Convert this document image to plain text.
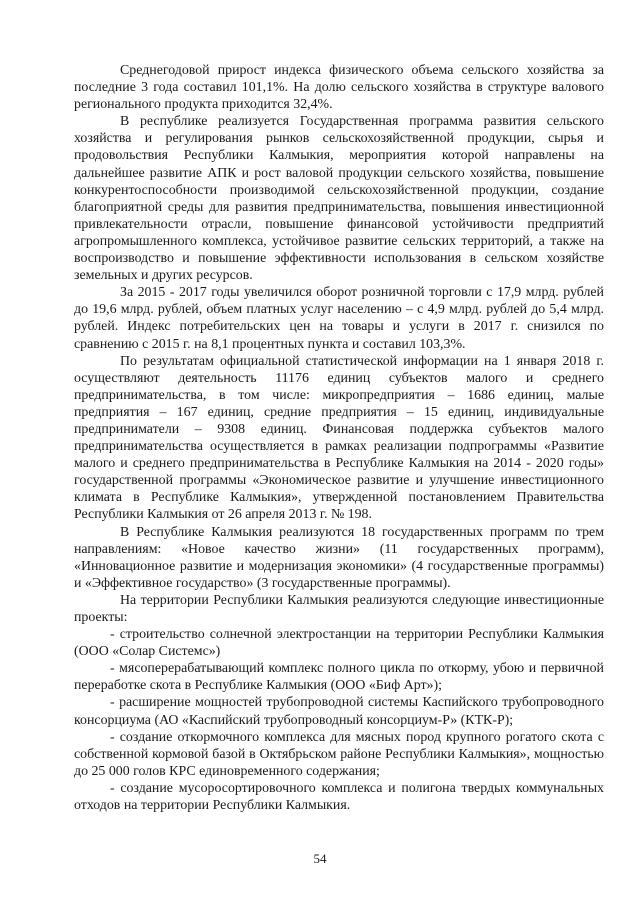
Среднегодовой прирост индекса физического объема сельского хозяйства за последние 3 года составил 101,1%. На долю сельского хозяйства в структуре валового регионального продукта приходится 32,4%.

В республике реализуется Государственная программа развития сельского хозяйства и регулирования рынков сельскохозяйственной продукции, сырья и продовольствия Республики Калмыкия, мероприятия которой направлены на дальнейшее развитие АПК и рост валовой продукции сельского хозяйства, повышение конкурентоспособности производимой сельскохозяйственной продукции, создание благоприятной среды для развития предпринимательства, повышения инвестиционной привлекательности отрасли, повышение финансовой устойчивости предприятий агропромышленного комплекса, устойчивое развитие сельских территорий, а также на воспроизводство и повышение эффективности использования в сельском хозяйстве земельных и других ресурсов.

За 2015 - 2017 годы увеличился оборот розничной торговли с 17,9 млрд. рублей до 19,6 млрд. рублей, объем платных услуг населению – с 4,9 млрд. рублей до 5,4 млрд. рублей. Индекс потребительских цен на товары и услуги в 2017 г. снизился по сравнению с 2015 г. на 8,1 процентных пункта и составил 103,3%.

По результатам официальной статистической информации на 1 января 2018 г. осуществляют деятельность 11176 единиц субъектов малого и среднего предпринимательства, в том числе: микропредприятия – 1686 единиц, малые предприятия – 167 единиц, средние предприятия – 15 единиц, индивидуальные предприниматели – 9308 единиц. Финансовая поддержка субъектов малого предпринимательства осуществляется в рамках реализации подпрограммы «Развитие малого и среднего предпринимательства в Республике Калмыкия на 2014 - 2020 годы» государственной программы «Экономическое развитие и улучшение инвестиционного климата в Республике Калмыкия», утвержденной постановлением Правительства Республики Калмыкия от 26 апреля 2013 г. № 198.

В Республике Калмыкия реализуются 18 государственных программ по трем направлениям: «Новое качество жизни» (11 государственных программ), «Инновационное развитие и модернизация экономики» (4 государственные программы) и «Эффективное государство» (3 государственные программы).

На территории Республики Калмыкия реализуются следующие инвестиционные проекты:

- строительство солнечной электростанции на территории Республики Калмыкия (ООО «Солар Системс»)

- мясоперерабатывающий комплекс полного цикла по откорму, убою и первичной переработке скота в Республике Калмыкия (ООО «Биф Арт»);

- расширение мощностей трубопроводной системы Каспийского трубопроводного консорциума (АО «Каспийский трубопроводный консорциум-Р» (КТК-Р);

- создание откормочного комплекса для мясных пород крупного рогатого скота с собственной кормовой базой в Октябрьском районе Республики Калмыкия», мощностью до 25 000 голов КРС единовременного содержания;

- создание мусоросортировочного комплекса и полигона твердых коммунальных отходов на территории Республики Калмыкия.

54
